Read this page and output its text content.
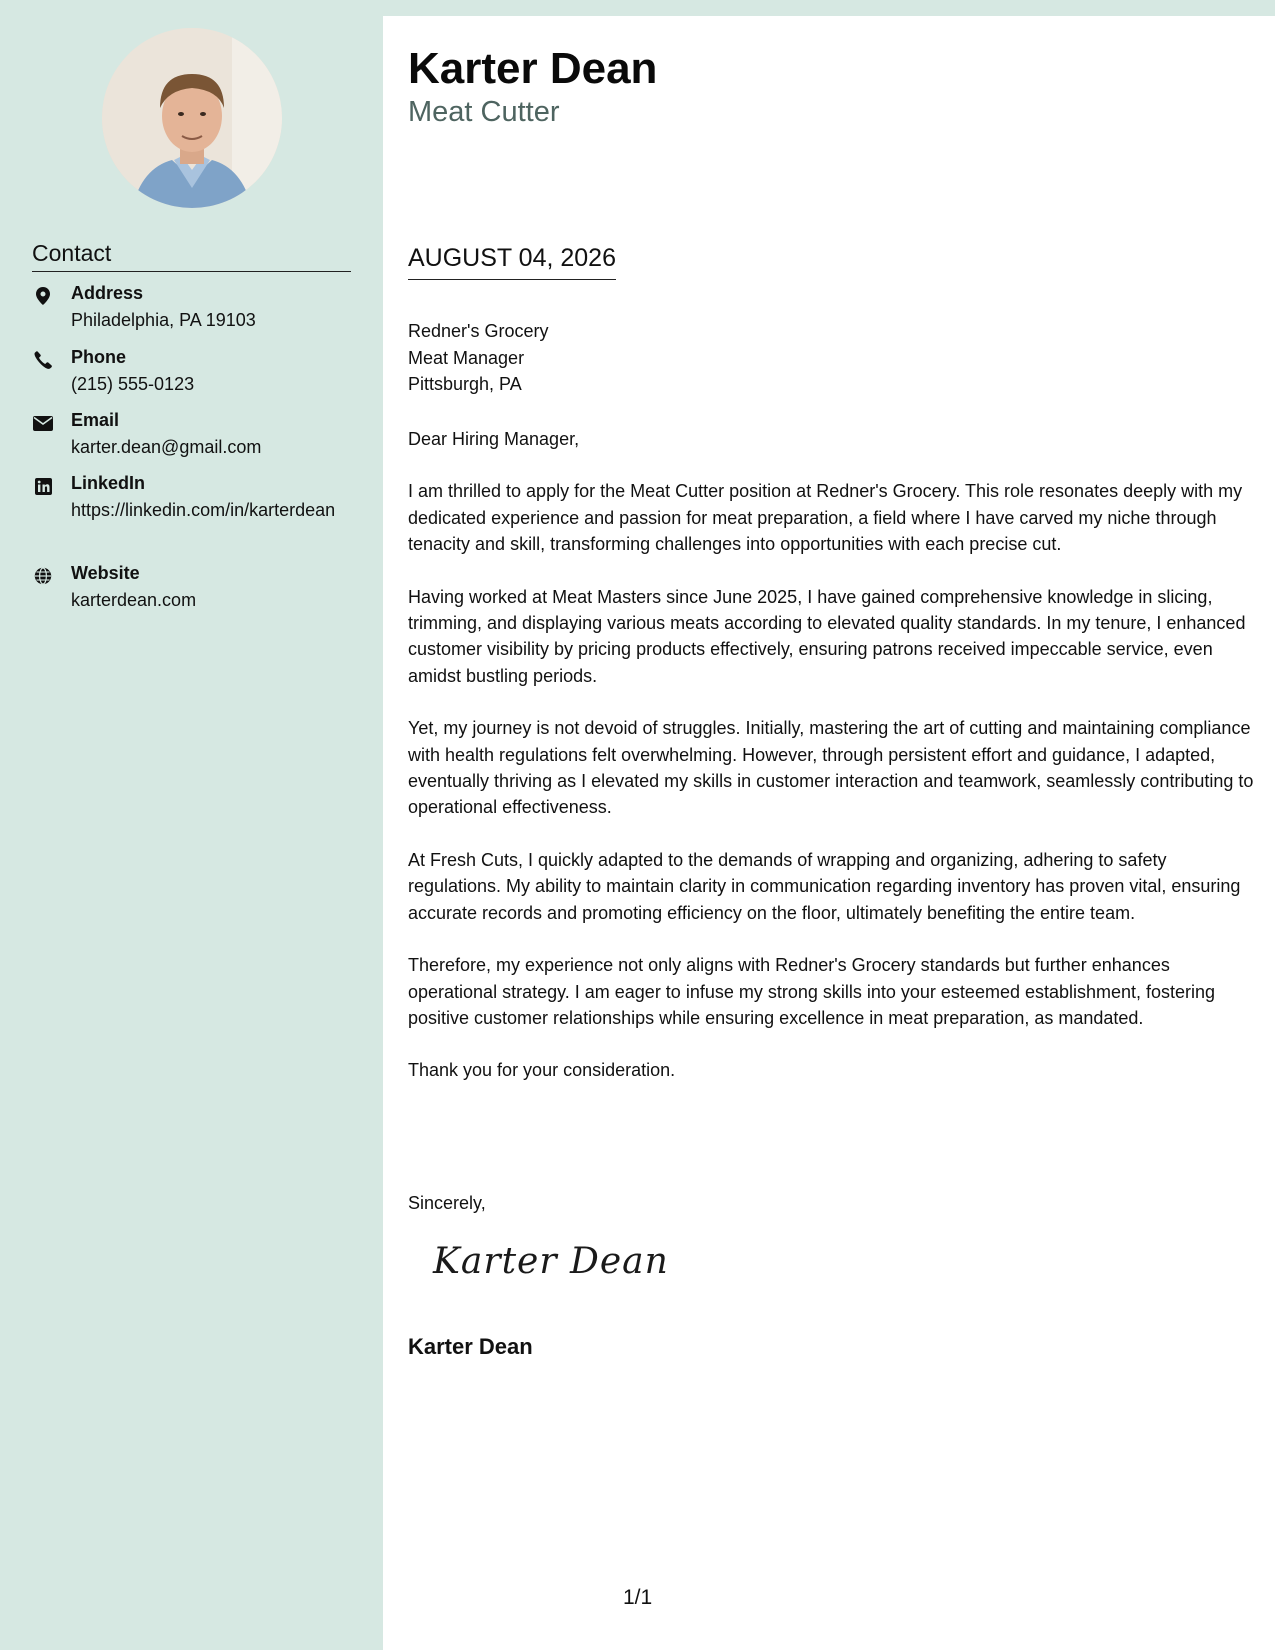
Contact
Address
Philadelphia, PA 19103
Phone
(215) 555-0123
Email
karter.dean@gmail.com
LinkedIn
https://linkedin.com/in/karterdean
Website
karterdean.com
Karter Dean
Meat Cutter
AUGUST 04, 2026
Redner's Grocery
Meat Manager
Pittsburgh, PA

Dear Hiring Manager,

I am thrilled to apply for the Meat Cutter position at Redner's Grocery. This role resonates deeply with my dedicated experience and passion for meat preparation, a field where I have carved my niche through tenacity and skill, transforming challenges into opportunities with each precise cut.

Having worked at Meat Masters since June 2025, I have gained comprehensive knowledge in slicing, trimming, and displaying various meats according to elevated quality standards. In my tenure, I enhanced customer visibility by pricing products effectively, ensuring patrons received impeccable service, even amidst bustling periods.

Yet, my journey is not devoid of struggles. Initially, mastering the art of cutting and maintaining compliance with health regulations felt overwhelming. However, through persistent effort and guidance, I adapted, eventually thriving as I elevated my skills in customer interaction and teamwork, seamlessly contributing to operational effectiveness.

At Fresh Cuts, I quickly adapted to the demands of wrapping and organizing, adhering to safety regulations. My ability to maintain clarity in communication regarding inventory has proven vital, ensuring accurate records and promoting efficiency on the floor, ultimately benefiting the entire team.

Therefore, my experience not only aligns with Redner's Grocery standards but further enhances operational strategy. I am eager to infuse my strong skills into your esteemed establishment, fostering positive customer relationships while ensuring excellence in meat preparation, as mandated.

Thank you for your consideration.

Sincerely,
Karter Dean
Karter Dean
1/1
